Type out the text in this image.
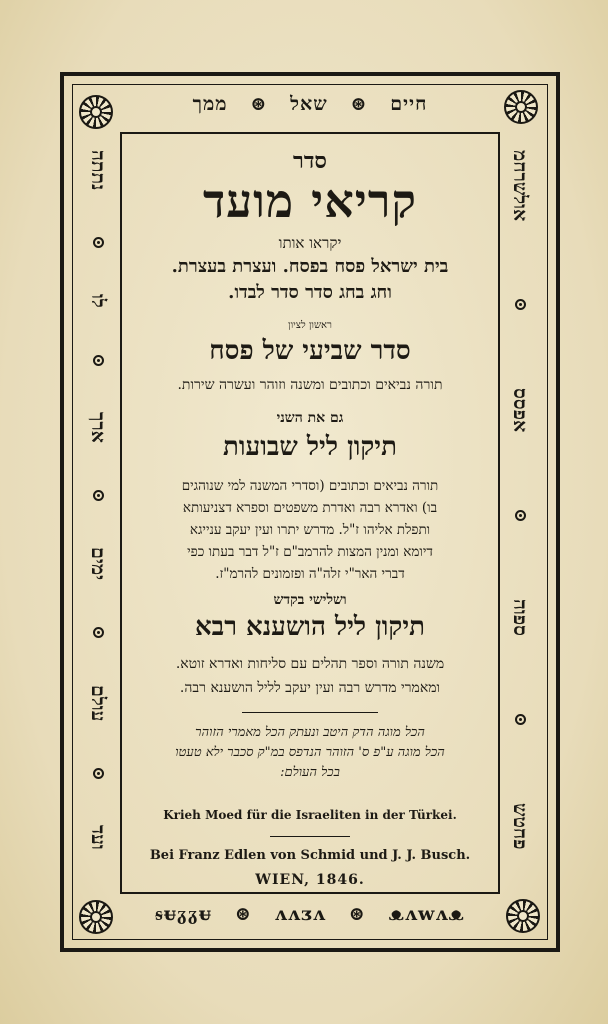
חיים   ⊛   שאל   ⊛   ממך
ᵴᵾᵹᵹᵾ ⊛ ᴧᴧᴣᴧ ⊛ ᴥᴧᴡᴧᴥ
נתתה
לו
ארך
ימים
עולם
ועד
אולשרחמ
אפסס
ספוה
פחטש
סדר
קריאי מועד
יקראו אותו
בית ישראל פסח בפסח. ועצרת בעצרת.
וחג בחג סדר סדר לבדו.
ראשון לציון
סדר שביעי של פסח
תורה נביאים וכתובים ומשנה וזוהר ועשרה שירות.
גם את השני
תיקון ליל שבועות
תורה נביאים וכתובים (וסדרי המשנה למי שנוהגים
בו) ואדרא רבה ואדרת משפטים וספרא דצניעותא
ותפלת אליהו ז"ל. מדרש יתרו ועין יעקב ענייגא
דיומא ומנין המצות להרמב"ם ז"ל דבר בעתו כפי
דברי האר"י זלה"ה ופזמונים להרמ"ז.
ושלישי בקדש
תיקון ליל הושענא רבא
משנה תורה וספר תהלים עם סליחות ואדרא זוטא.
ומאמרי מדרש רבה ועין יעקב לליל הושענא רבה.
הכל מוגה הדק היטב ונעתק הכל מאמרי הזוהר
הכל מוגה ע"פ ס' הזוהר הנדפס במ"ק סכבר ילא טעטו
בכל העולם:
Krieh Moed für die Israeliten in der Türkei.
Bei Franz Edlen von Schmid und J. J. Busch.
WIEN, 1846.
